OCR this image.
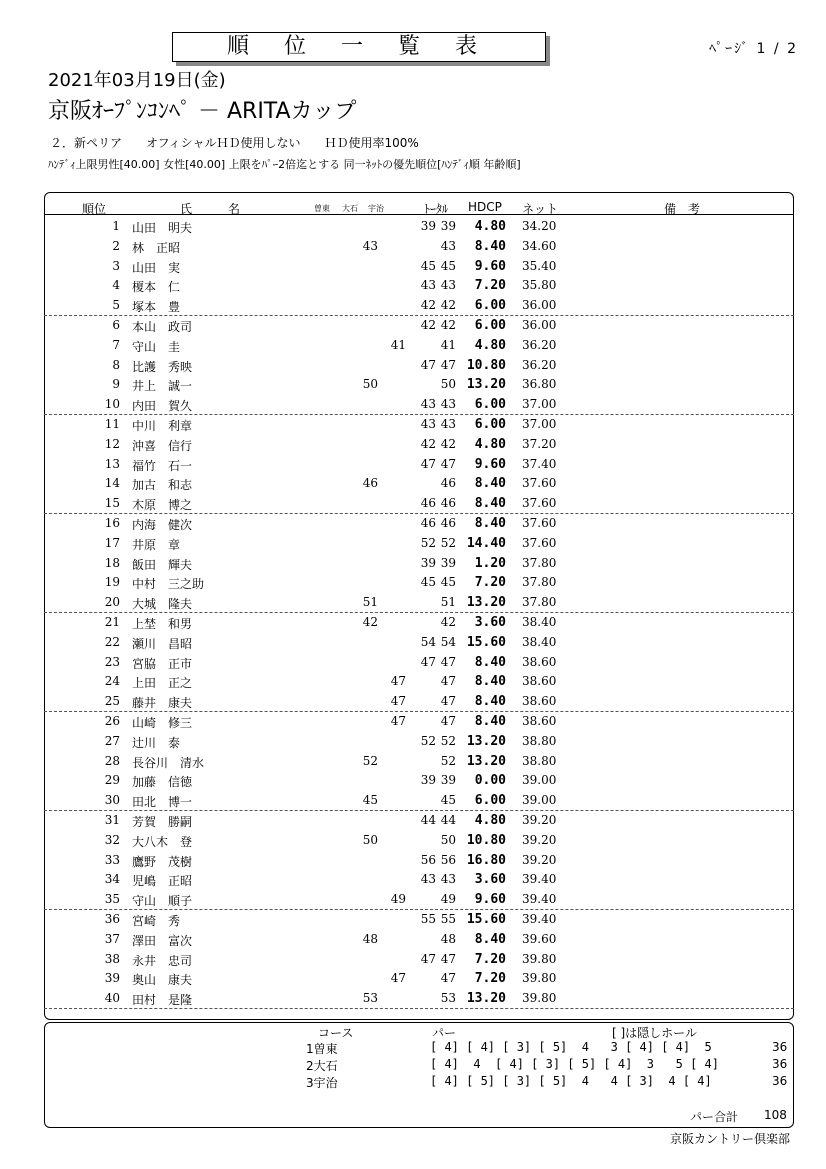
順 位 一 覧 表	ﾍﾟｰｼﾞ 1 / 2
2021年03月19日(金)
京阪ｵｰﾌﾟﾝｺﾝﾍﾟ － ARITAカップ
２．新ペリア　　オフィシャルＨＤ使用しない　　ＨＤ使用率100%
ﾊﾝﾃﾞｨ上限男性[40.00] 女性[40.00] 上限をﾊﾟｰ2倍迄とする 同一ﾈｯﾄの優先順位[ﾊﾝﾃﾞｨ順 年齢順]
順位	氏　　　名	曽東 大石 宇治	ﾄｰﾀﾙ HDCP ネット	備　考
1 山田　明夫	39 39	4.80 34.20
2 林　正昭	43	43	8.40 34.60
3 山田　実	45 45	9.60 35.40
4 榎本　仁	43 43	7.20 35.80
5 塚本　豊	42 42	6.00 36.00
6 本山　政司	42 42	6.00 36.00
7 守山　圭	41	41	4.80 36.20
8 比護　秀映	47 47 10.80 36.20
9 井上　誠一	50	50 13.20 36.80
10 内田　賀久	43 43	6.00 37.00
11 中川　利章	43 43	6.00 37.00
12 沖喜　信行	42 42	4.80 37.20
13 福竹　石一	47 47	9.60 37.40
14 加古　和志	46	46	8.40 37.60
15 木原　博之	46 46	8.40 37.60
16 内海　健次	46 46	8.40 37.60
17 井原　章	52 52 14.40 37.60
18 飯田　輝夫	39 39	1.20 37.80
19 中村　三之助	45 45	7.20 37.80
20 大城　隆夫	51	51 13.20 37.80
21 上埜　和男	42	42	3.60 38.40
22 瀬川　昌昭	54 54 15.60 38.40
23 宮脇　正市	47 47	8.40 38.60
24 上田　正之	47	47	8.40 38.60
25 藤井　康夫	47	47	8.40 38.60
26 山崎　修三	47	47	8.40 38.60
27 辻川　泰	52 52 13.20 38.80
28 長谷川　清水	52	52 13.20 38.80
29 加藤　信徳	39 39	0.00 39.00
30 田北　博一	45	45	6.00 39.00
31 芳賀　勝嗣	44 44	4.80 39.20
32 大八木　登	50	50 10.80 39.20
33 鷹野　茂樹	56 56 16.80 39.20
34 児嶋　正昭	43 43	3.60 39.40
35 守山　順子	49	49	9.60 39.40
36 宮崎　秀	55 55 15.60 39.40
37 澤田　富次	48	48	8.40 39.60
38 永井　忠司	47 47	7.20 39.80
39 奥山　康夫	47	47	7.20 39.80
40 田村　是隆	53	53 13.20 39.80
コース	パー	[ ]は隠しホール
1曽東	[ 4] [ 4] [ 3] [ 5]  4   3 [ 4] [ 4]  5	36
2大石	[ 4]  4  [ 4] [ 3] [ 5] [ 4]  3   5 [ 4]	36
3宇治	[ 4] [ 5] [ 3] [ 5]  4   4 [ 3]  4 [ 4]	36
パー合計 108
京阪カントリー倶楽部
